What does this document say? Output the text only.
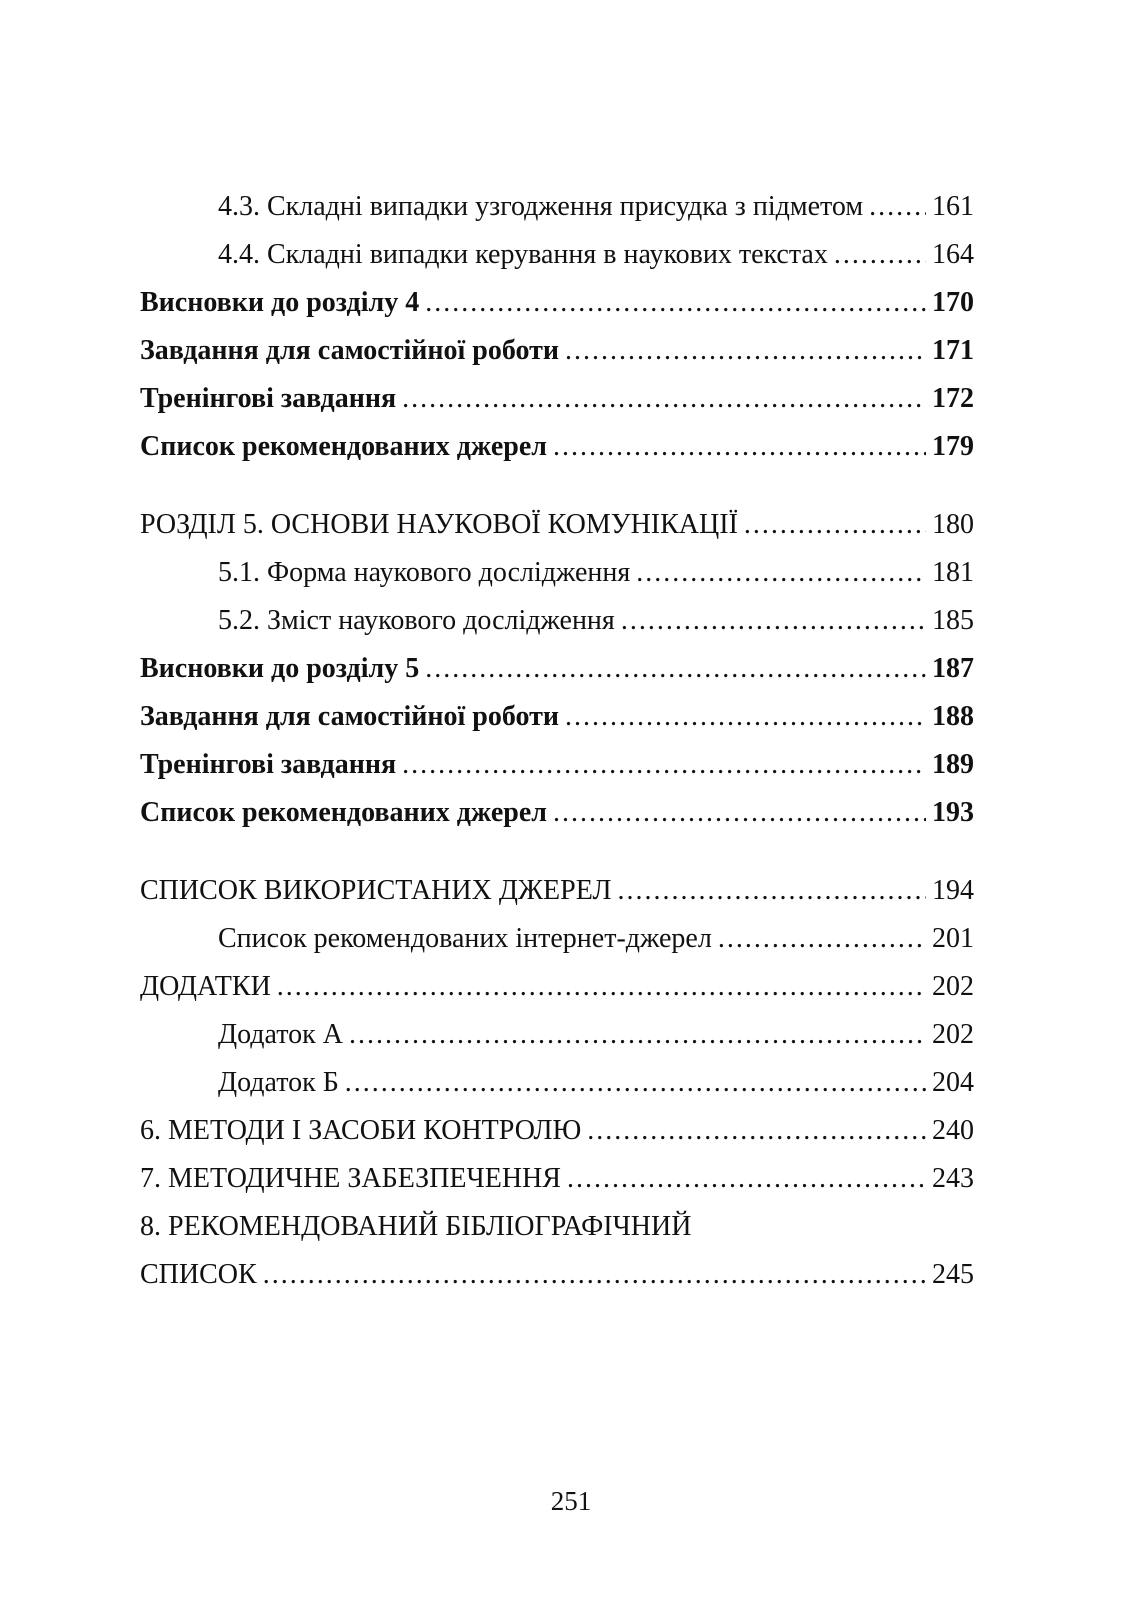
4.3. Складні випадки узгодження присудка з підметом ..... 161
4.4. Складні випадки керування в наукових текстах .....	164
Висновки до розділу 4 .....	170
Завдання для самостійної роботи .....	171
Тренінгові завдання .....	172
Список рекомендованих джерел .....	179
РОЗДІЛ 5. ОСНОВИ НАУКОВОЇ КОМУНІКАЦІЇ .....	180
5.1. Форма наукового дослідження .....	181
5.2. Зміст наукового дослідження .....	185
Висновки до розділу 5 .....	187
Завдання для самостійної роботи .....	188
Тренінгові завдання .....	189
Список рекомендованих джерел .....	193
СПИСОК ВИКОРИСТАНИХ ДЖЕРЕЛ .....	194
Список рекомендованих інтернет-джерел .....	201
ДОДАТКИ .....	202
Додаток А .....	202
Додаток Б .....	204
6. МЕТОДИ І ЗАСОБИ КОНТРОЛЮ .....	240
7. МЕТОДИЧНЕ ЗАБЕЗПЕЧЕННЯ .....	243
8. РЕКОМЕНДОВАНИЙ БІБЛІОГРАФІЧНИЙ
СПИСОК .....	245
251
